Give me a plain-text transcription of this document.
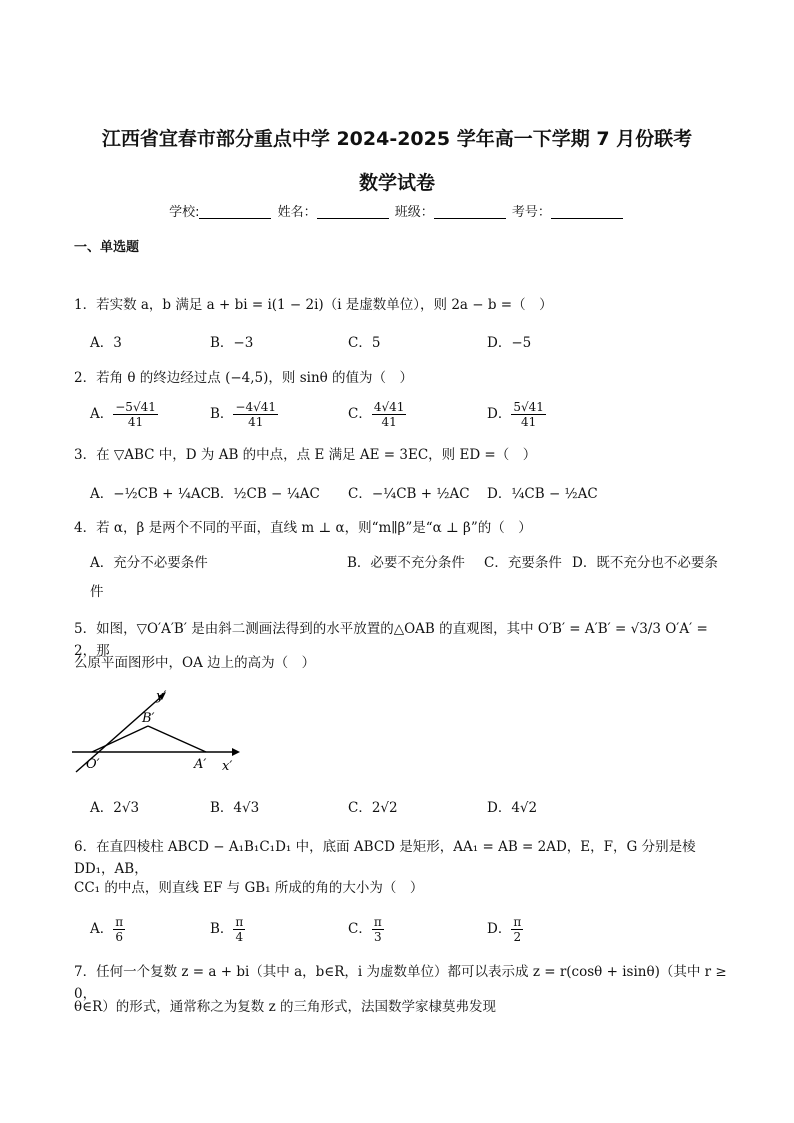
江西省宜春市部分重点中学 2024-2025 学年高一下学期 7 月份联考
数学试卷
学校:	姓名：	班级：	考号：
一、单选题
1．若实数 a，b 满足 a + bi = i(1 − 2i)（i 是虚数单位），则 2a − b =（　）
A．3	B．−3	C．5	D．−5
2．若角 θ 的终边经过点 (−4,5)，则 sinθ 的值为（　）
A． $\frac{-5√41}{41}$	B． $\frac{-4√41}{41}$	C． $\frac{4√41}{41}$	D． $\frac{5√41}{41}$
3．在 ▽ABC 中，D 为 AB 的中点，点 E 满足 AE = 3EC，则 ED =（　）
A．−½CB + ¼AC B．½CB − ¼AC C．−¼CB + ½AC D．¼CB − ½AC
4．若 α，β 是两个不同的平面，直线 m ⊥ α，则“m∥β”是“α ⊥ β”的（　）
A．充分不必要条件	B．必要不充分条件 C．充要条件 D．既不充分也不必要条
件
5．如图，▽O′A′B′ 是由斜二测画法得到的水平放置的△OAB 的直观图，其中 O′B′ = A′B′ = √3/3 O′A′ = 2，那
么原平面图形中，OA 边上的高为（　）
y′
B′
O′	A′ x′
A．2√3	B．4√3	C．2√2	D．4√2
6．在直四棱柱 ABCD − A₁B₁C₁D₁ 中，底面 ABCD 是矩形，AA₁ = AB = 2AD，E，F，G 分别是棱 DD₁，AB，
CC₁ 的中点，则直线 EF 与 GB₁ 所成的角的大小为（　）
A． $\frac{\pi}{6}$	B． $\frac{\pi}{4}$	C． $\frac{\pi}{3}$	D． $\frac{\pi}{2}$
7．任何一个复数 z = a + bi（其中 a，b∈R，i 为虚数单位）都可以表示成 z = r(cosθ + isinθ)（其中 r ≥ 0，
θ∈R）的形式，通常称之为复数 z 的三角形式，法国数学家棣莫弗发现
